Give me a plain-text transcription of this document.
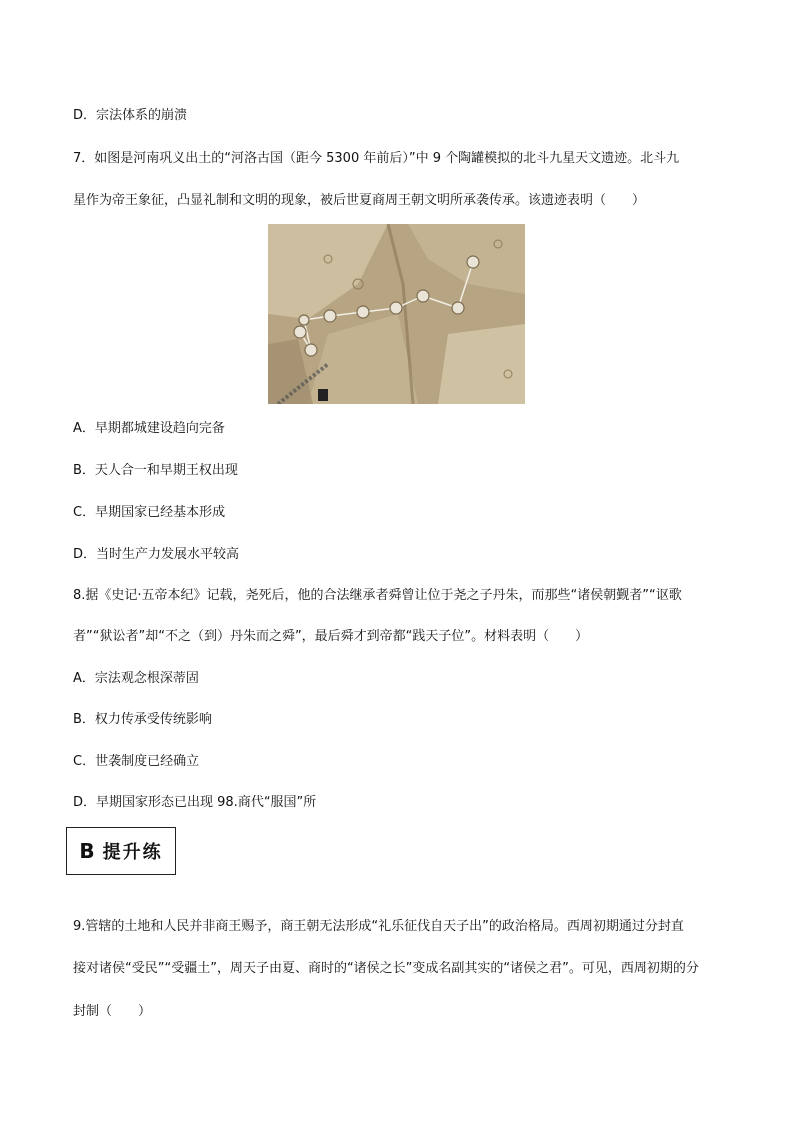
D．宗法体系的崩溃
7．如图是河南巩义出土的“河洛古国（距今 5300 年前后）”中 9 个陶罐模拟的北斗九星天文遗迹。北斗九
星作为帝王象征，凸显礼制和文明的现象，被后世夏商周王朝文明所承袭传承。该遗迹表明（　　）
A．早期都城建设趋向完备
B．天人合一和早期王权出现
C．早期国家已经基本形成
D．当时生产力发展水平较高
8.据《史记·五帝本纪》记载，尧死后，他的合法继承者舜曾让位于尧之子丹朱，而那些“诸侯朝觐者”“讴歌
者”“狱讼者”却“不之（到）丹朱而之舜”，最后舜才到帝都“践天子位”。材料表明（　　）
A．宗法观念根深蒂固
B．权力传承受传统影响
C．世袭制度已经确立
D．早期国家形态已出现 98.商代“服国”所
B 提升练
9.管辖的土地和人民并非商王赐予，商王朝无法形成“礼乐征伐自天子出”的政治格局。西周初期通过分封直
接对诸侯“受民”“受疆土”，周天子由夏、商时的“诸侯之长”变成名副其实的“诸侯之君”。可见，西周初期的分
封制（　　）
